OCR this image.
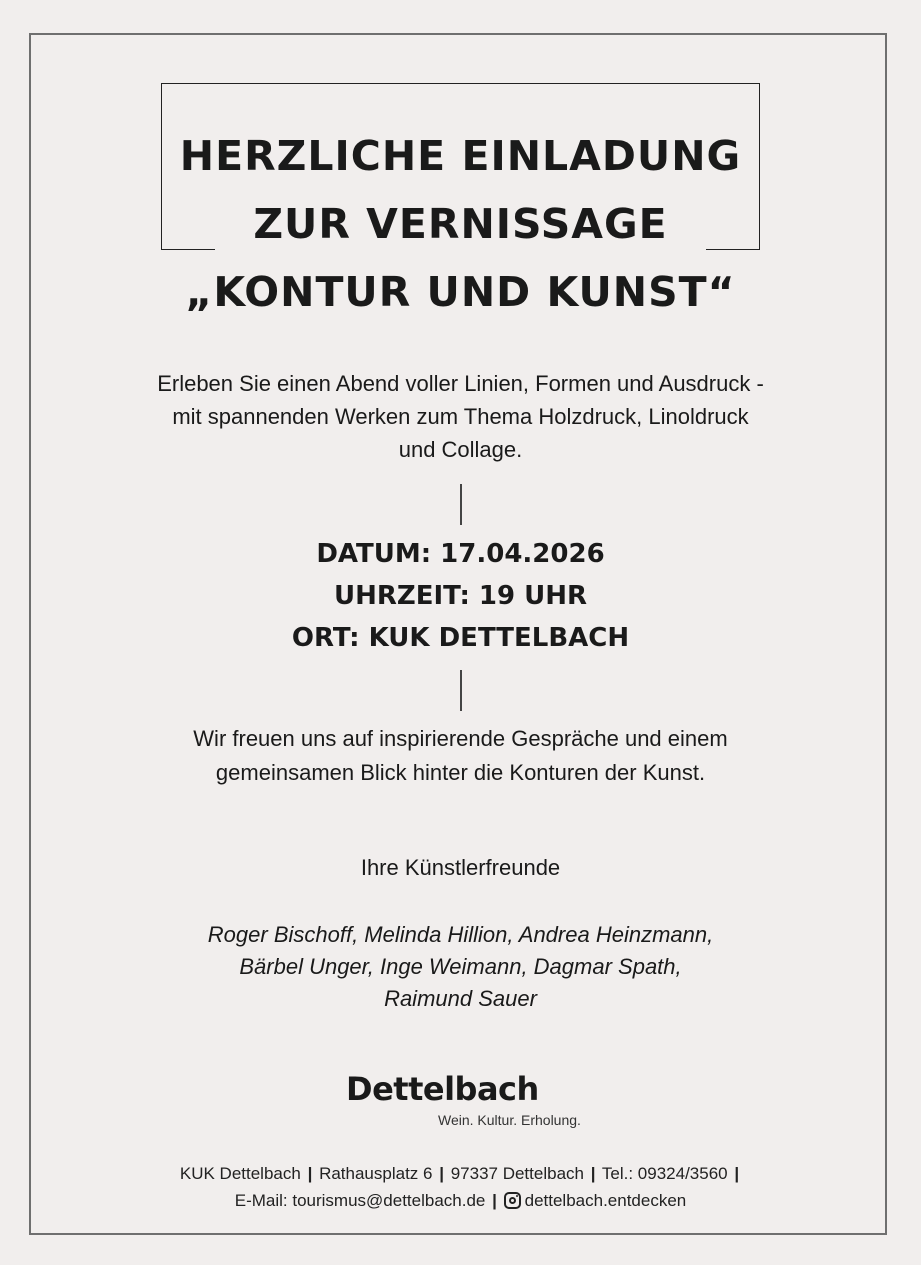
HERZLICHE EINLADUNG
ZUR VERNISSAGE
„KONTUR UND KUNST“
Erleben Sie einen Abend voller Linien, Formen und Ausdruck -
mit spannenden Werken zum Thema Holzdruck, Linoldruck
und Collage.
DATUM: 17.04.2026
UHRZEIT: 19 UHR
ORT: KUK DETTELBACH
Wir freuen uns auf inspirierende Gespräche und einem
gemeinsamen Blick hinter die Konturen der Kunst.
Ihre Künstlerfreunde
Roger Bischoff, Melinda Hillion, Andrea Heinzmann,
Bärbel Unger, Inge Weimann, Dagmar Spath,
Raimund Sauer
Dettelbach
Wein. Kultur. Erholung.
KUK Dettelbach | Rathausplatz 6 | 97337 Dettelbach | Tel.: 09324/3560 |
E-Mail: tourismus@dettelbach.de | dettelbach.entdecken
